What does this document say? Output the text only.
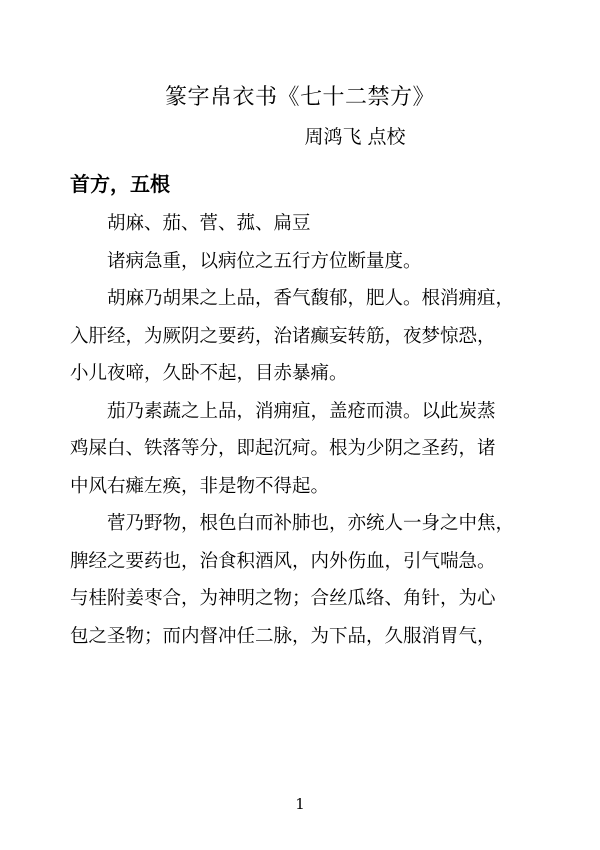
篆字帛衣书《七十二禁方》
周鸿飞 点校
首方，五根
胡麻、茄、菅、菰、扁豆
诸病急重，以病位之五行方位断量度。
胡麻乃胡果之上品，香气馥郁，肥人。根消痈疽，
入肝经，为厥阴之要药，治诸癫妄转筋，夜梦惊恐，
小儿夜啼，久卧不起，目赤暴痛。
茄乃素蔬之上品，消痈疽，盖疮而溃。以此炭蒸
鸡屎白、铁落等分，即起沉疴。根为少阴之圣药，诸
中风右瘫左痪，非是物不得起。
菅乃野物，根色白而补肺也，亦统人一身之中焦，
脾经之要药也，治食积酒风，内外伤血，引气喘急。
与桂附姜枣合，为神明之物；合丝瓜络、角针，为心
包之圣物；而内督冲任二脉，为下品，久服消胃气，
1
